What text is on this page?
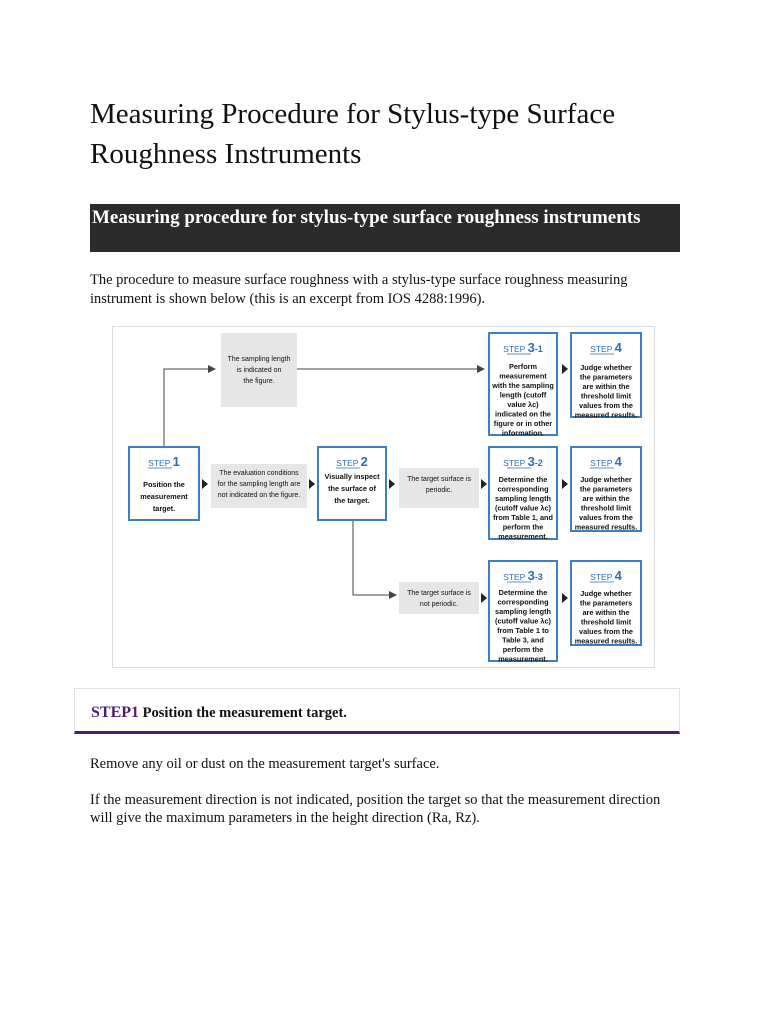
Measuring Procedure for Stylus-type Surface Roughness Instruments
Measuring procedure for stylus-type surface roughness instruments

The procedure to measure surface roughness with a stylus-type surface roughness measuring instrument is shown below (this is an excerpt from IOS 4288:1996).

The sampling length
is indicated on
the figure.
The evaluation conditions
for the sampling length are
not indicated on the figure.
The target surface is
periodic.
The target surface is
not periodic.
STEP 1
Position the
measurement
target.
STEP 2
Visually inspect
the surface of
the target.
STEP 3-1
Perform
measurement
with the sampling
length (cutoff
value λc)
indicated on the
figure or in other
information.
STEP 3-2
Determine the
corresponding
sampling length
(cutoff value λc)
from Table 1, and
perform the
measurement.
STEP 3-3
Determine the
corresponding
sampling length
(cutoff value λc)
from Table 1 to
Table 3, and
perform the
measurement.
STEP 4
Judge whether
the parameters
are within the
threshold limit
values from the
measured results.
STEP 4
Judge whether
the parameters
are within the
threshold limit
values from the
measured results.
STEP 4
Judge whether
the parameters
are within the
threshold limit
values from the
measured results.
STEP1 Position the measurement target.

Remove any oil or dust on the measurement target's surface.

If the measurement direction is not indicated, position the target so that the measurement direction will give the maximum parameters in the height direction (Ra, Rz).
